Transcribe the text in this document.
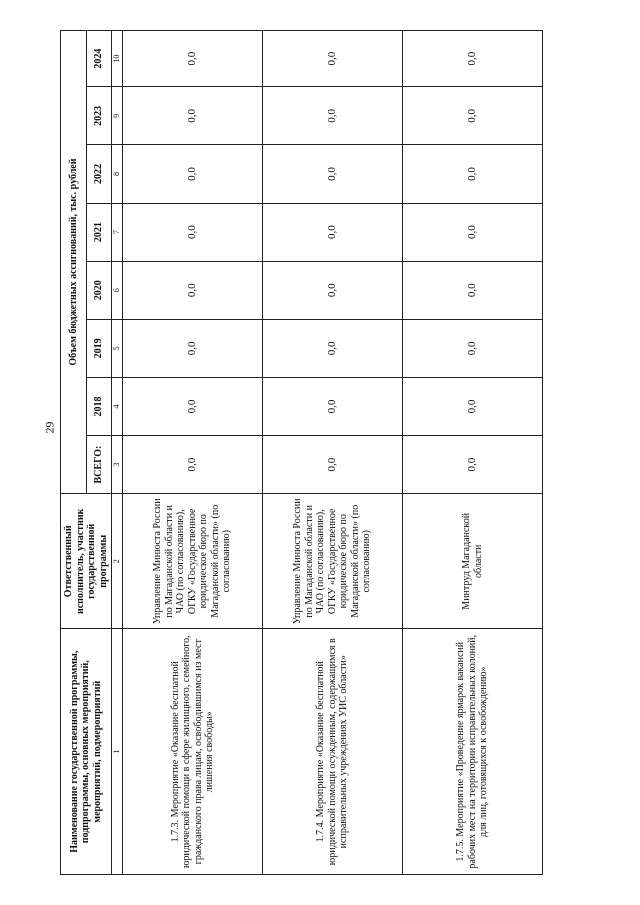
29
Наименование государственной программы, подпрограммы, основных мероприятий, мероприятий, подмероприятий	Ответственный исполнитель, участник государственной программы	Объем бюджетных ассигнований, тыс. рублей							
		ВСЕГО:	2018	2019	2020	2021	2022	2023	2024
1	2	3	4	5	6	7	8	9	10
1.7.3. Мероприятие «Оказание бесплатной юридической помощи в сфере жилищного, семейного, гражданского права лицам, освободившимся из мест лишения свободы»	Управление Минюста России по Магаданской области и ЧАО (по согласованию), ОГКУ «Государственное юридическое бюро по Магаданской области» (по согласованию)	0,0	0,0	0,0	0,0	0,0	0,0	0,0	0,0
1.7.4. Мероприятие «Оказание бесплатной юридической помощи осужденным, содержащимся в исправительных учреждениях УИС области»	Управление Минюста России по Магаданской области и ЧАО (по согласованию), ОГКУ «Государственное юридическое бюро по Магаданской области» (по согласованию)	0,0	0,0	0,0	0,0	0,0	0,0	0,0	0,0
1.7.5. Мероприятие «Проведение ярмарок вакансий рабочих мест на территории исправительных колоний, для лиц, готовящихся к освобождению»	Минтруд Магаданской области	0,0	0,0	0,0	0,0	0,0	0,0	0,0	0,0
